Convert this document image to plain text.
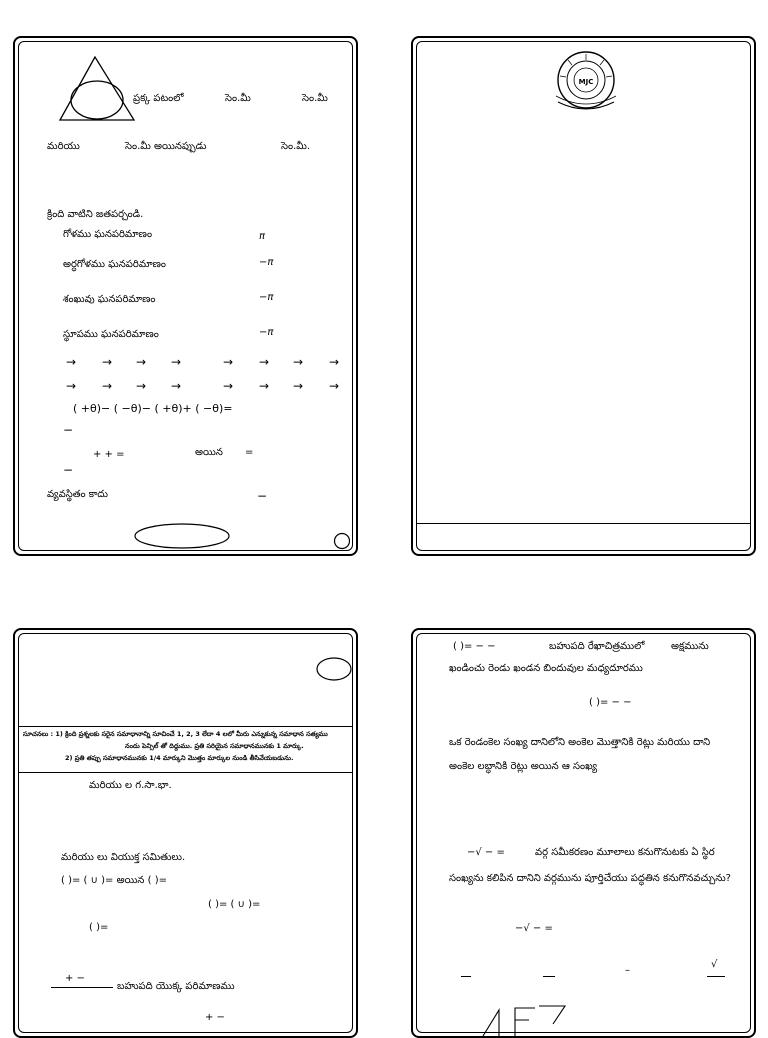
ప్రక్క పటంలో	సెం.మీ	సెం.మీ
మరియు	సెం.మీ అయినప్పుడు	సెం.మీ.
క్రింది వాటిని జతపర్చండి.
గోళము ఘనపరిమాణం	π
అర్ధగోళము ఘనపరిమాణం	−π
శంఖువు ఘనపరిమాణం	−π
స్థూపము ఘనపరిమాణం	−π
→ → → →	→ → → →
→ → → →	→ → → →
( +θ)− ( −θ)− ( +θ)+ ( −θ)=
−
+ + =	అయిన =
−
వ్యవస్థితం కాదు	−
MJC
సూచనలు : 1) క్రింది ప్రశ్నలకు సరైన సమాధానాన్ని సూచించే 1, 2, 3 లేదా 4 లలో మీరు ఎన్నుకున్న సమాధాన సత్యము
నందు పెన్సిల్ తో దిద్దుము. ప్రతి సరియైన సమాధానమునకు 1 మార్కు.
2) ప్రతి తప్పు సమాధానమునకు 1/4 మార్కుని మొత్తం మార్కుల నుండి తీసివేయబడును.
మరియు ల గ.సా.భా.
మరియు లు వియుక్త సమితులు.
( )= ( ∪ )= అయిన ( )=
( )= ( ∪ )=
( )=
+ −
బహుపది యొక్క పరిమాణము
+ −
( )= − −	బహుపది రేఖాచిత్రములో	అక్షమును
ఖండించు రెండు ఖండన బిందువుల మధ్యదూరము
( )= − −
ఒక రెండంకెల సంఖ్య దానిలోని అంకెల మొత్తానికి రెట్లు మరియు దాని
అంకెల లబ్ధానికి రెట్లు అయిన ఆ సంఖ్య
−√ − =	వర్గ సమీకరణం మూలాలు కనుగొనుటకు ఏ స్థిర
సంఖ్యను కలిపిన దానిని వర్గమును పూర్తిచేయు పద్ధతిన కనుగొనవచ్చును?
−√ − =
–
√
